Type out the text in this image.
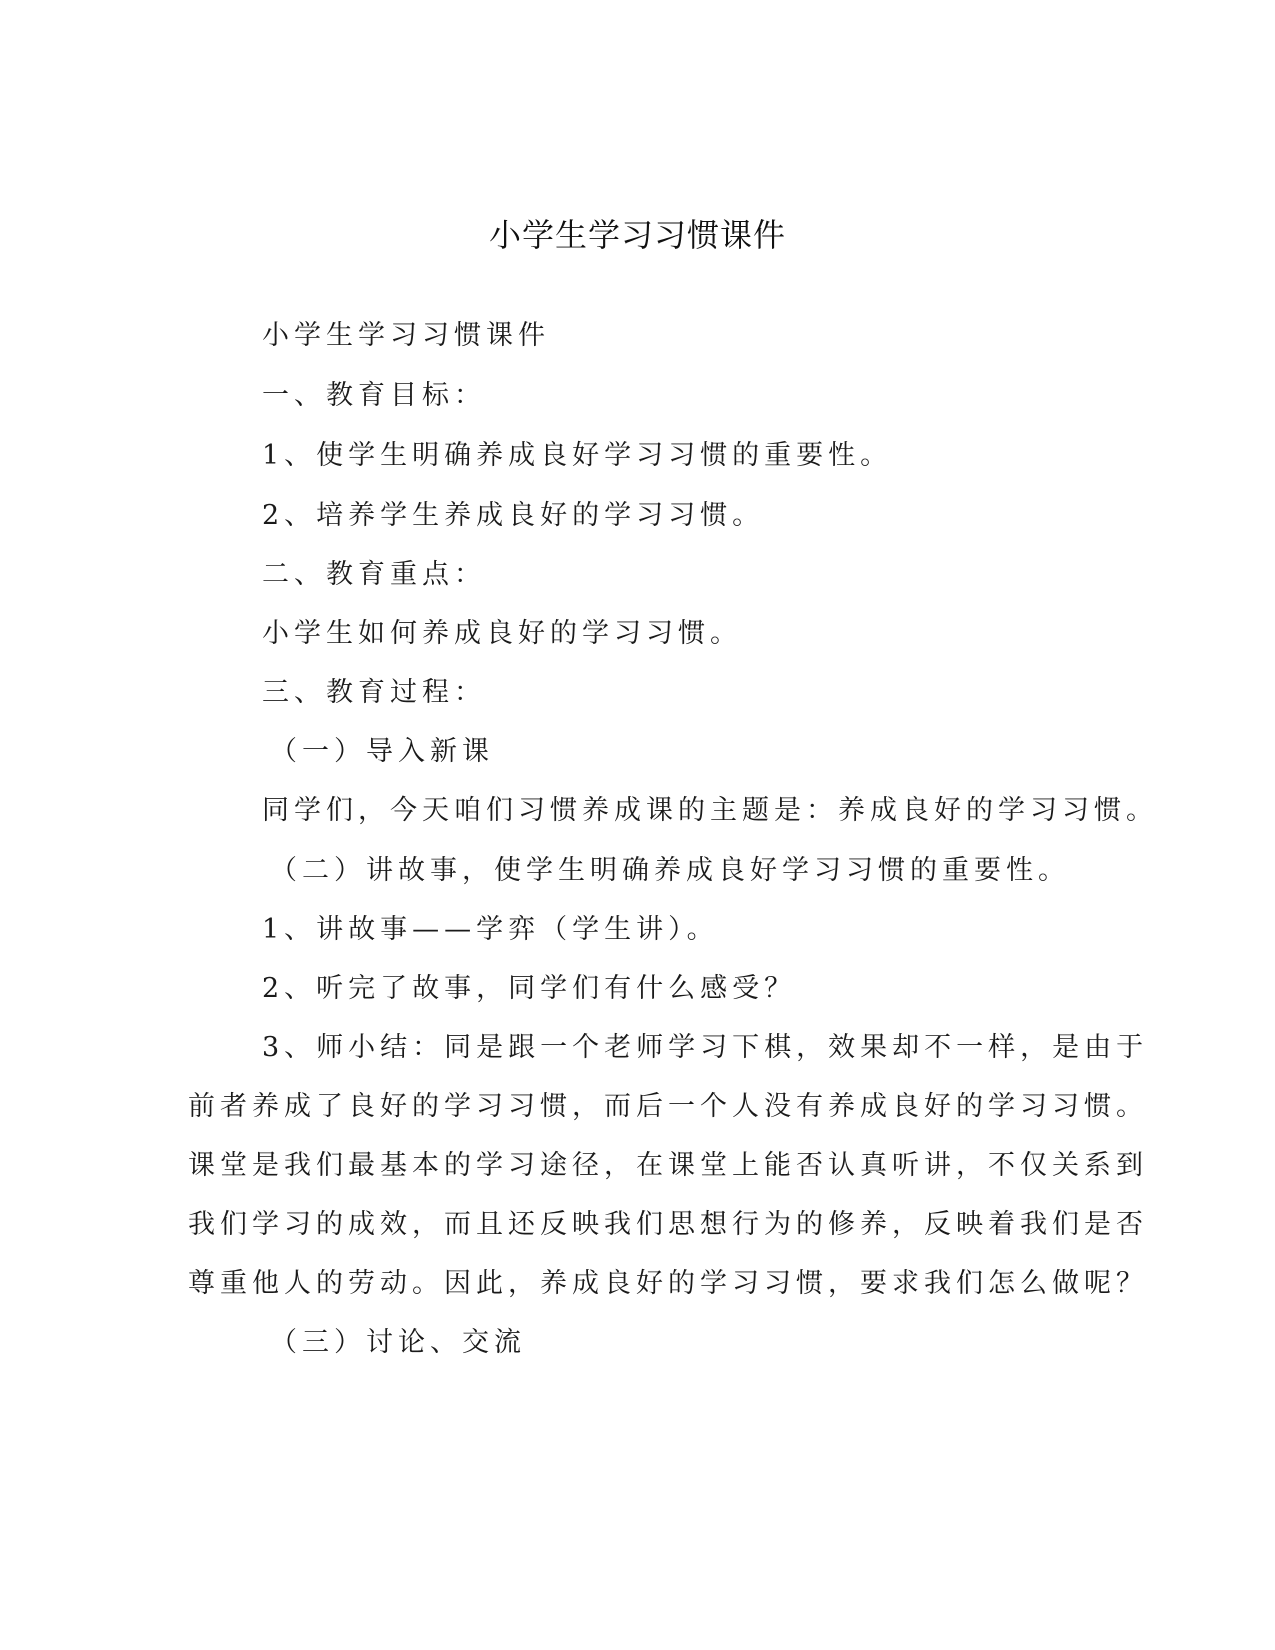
小学生学习习惯课件
小学生学习习惯课件
一、教育目标：
1、使学生明确养成良好学习习惯的重要性。
2、培养学生养成良好的学习习惯。
二、教育重点：
小学生如何养成良好的学习习惯。
三、教育过程：
（一）导入新课
同学们，今天咱们习惯养成课的主题是：养成良好的学习习惯。
（二）讲故事，使学生明确养成良好学习习惯的重要性。
1、讲故事——学弈（学生讲）。
2、听完了故事，同学们有什么感受？
3、师小结：同是跟一个老师学习下棋，效果却不一样，是由于
前者养成了良好的学习习惯，而后一个人没有养成良好的学习习惯。
课堂是我们最基本的学习途径，在课堂上能否认真听讲，不仅关系到
我们学习的成效，而且还反映我们思想行为的修养，反映着我们是否
尊重他人的劳动。因此，养成良好的学习习惯，要求我们怎么做呢？
（三）讨论、交流
